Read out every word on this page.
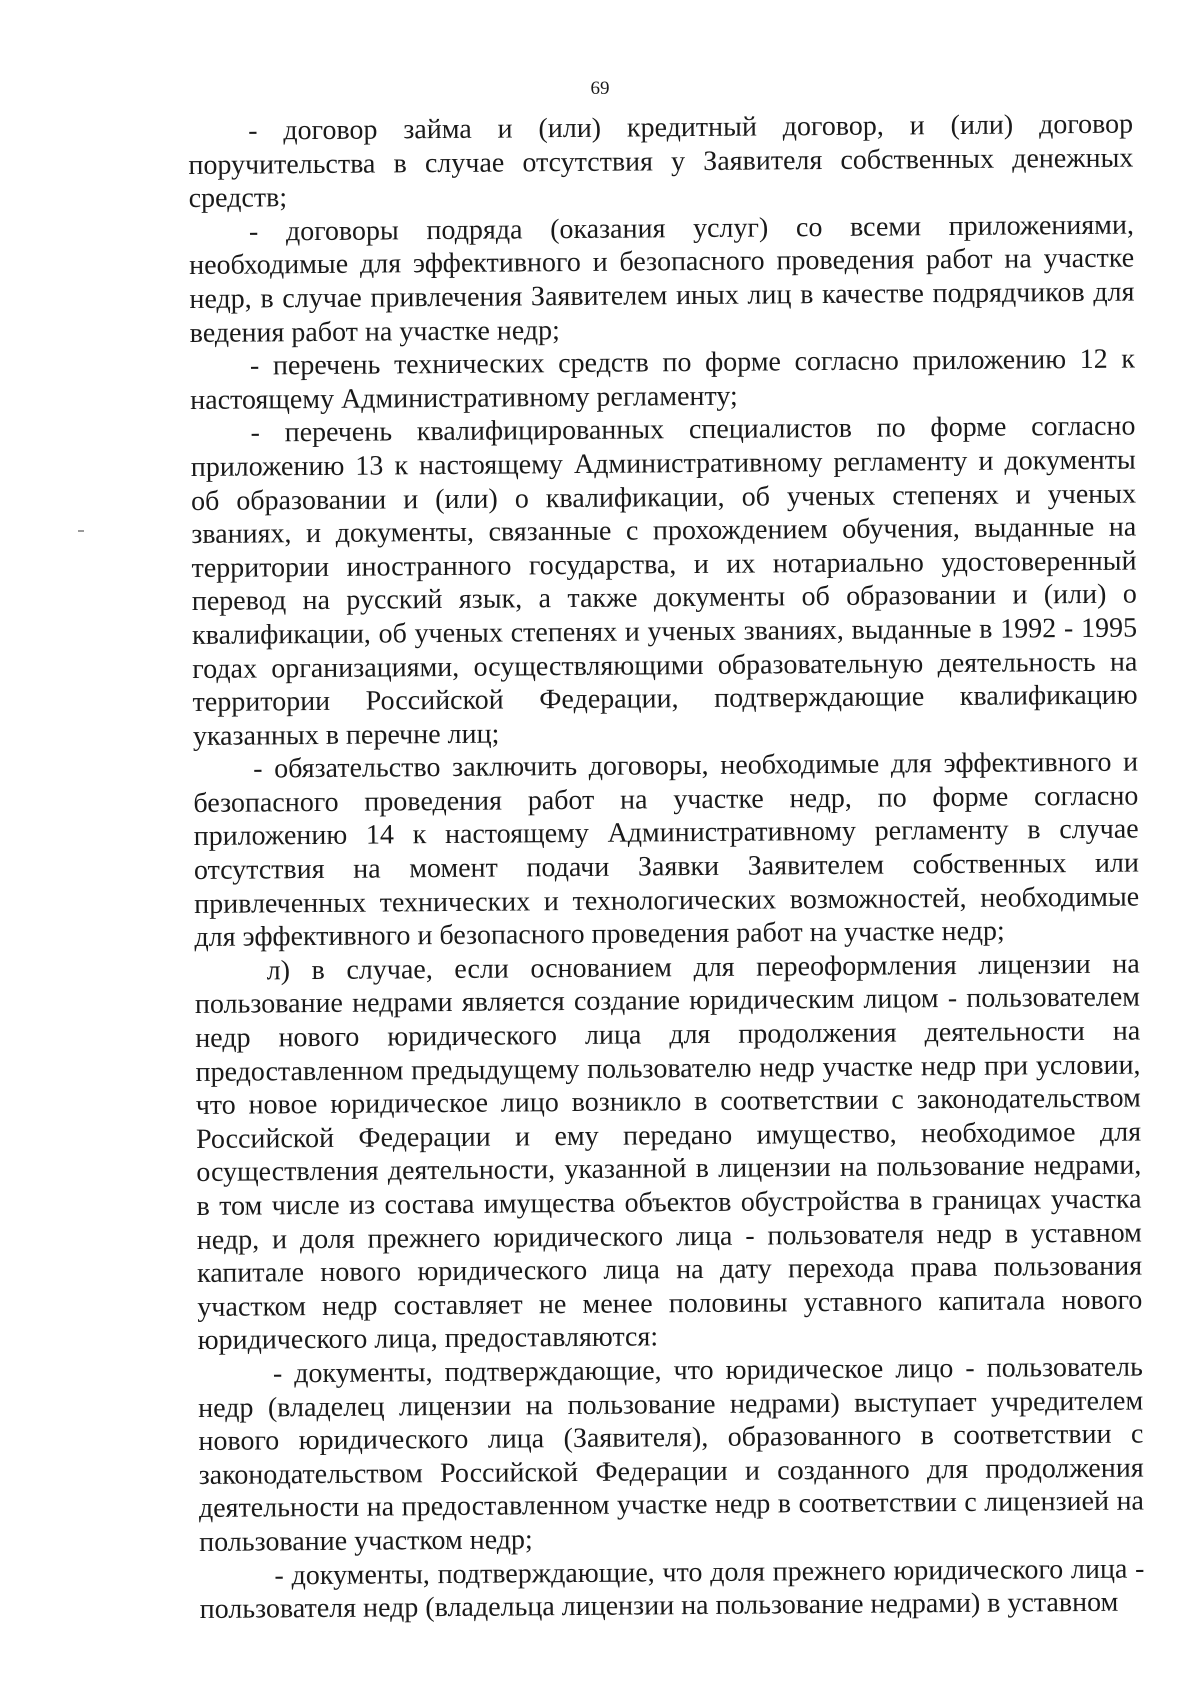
69

- договор займа и (или) кредитный договор, и (или) договор поручительства в случае отсутствия у Заявителя собственных денежных средств;

- договоры подряда (оказания услуг) со всеми приложениями, необходимые для эффективного и безопасного проведения работ на участке недр, в случае привлечения Заявителем иных лиц в качестве подрядчиков для ведения работ на участке недр;

- перечень технических средств по форме согласно приложению 12 к настоящему Административному регламенту;

- перечень квалифицированных специалистов по форме согласно приложению 13 к настоящему Административному регламенту и документы об образовании и (или) о квалификации, об ученых степенях и ученых званиях, и документы, связанные с прохождением обучения, выданные на территории иностранного государства, и их нотариально удостоверенный перевод на русский язык, а также документы об образовании и (или) о квалификации, об ученых степенях и ученых званиях, выданные в 1992 - 1995 годах организациями, осуществляющими образовательную деятельность на территории Российской Федерации, подтверждающие квалификацию указанных в перечне лиц;

- обязательство заключить договоры, необходимые для эффективного и безопасного проведения работ на участке недр, по форме согласно приложению 14 к настоящему Административному регламенту в случае отсутствия на момент подачи Заявки Заявителем собственных или привлеченных технических и технологических возможностей, необходимые для эффективного и безопасного проведения работ на участке недр;

л) в случае, если основанием для переоформления лицензии на пользование недрами является создание юридическим лицом - пользователем недр нового юридического лица для продолжения деятельности на предоставленном предыдущему пользователю недр участке недр при условии, что новое юридическое лицо возникло в соответствии с законодательством Российской Федерации и ему передано имущество, необходимое для осуществления деятельности, указанной в лицензии на пользование недрами, в том числе из состава имущества объектов обустройства в границах участка недр, и доля прежнего юридического лица - пользователя недр в уставном капитале нового юридического лица на дату перехода права пользования участком недр составляет не менее половины уставного капитала нового юридического лица, предоставляются:

- документы, подтверждающие, что юридическое лицо - пользователь недр (владелец лицензии на пользование недрами) выступает учредителем нового юридического лица (Заявителя), образованного в соответствии с законодательством Российской Федерации и созданного для продолжения деятельности на предоставленном участке недр в соответствии с лицензией на пользование участком недр;

- документы, подтверждающие, что доля прежнего юридического лица - пользователя недр (владельца лицензии на пользование недрами) в уставном
